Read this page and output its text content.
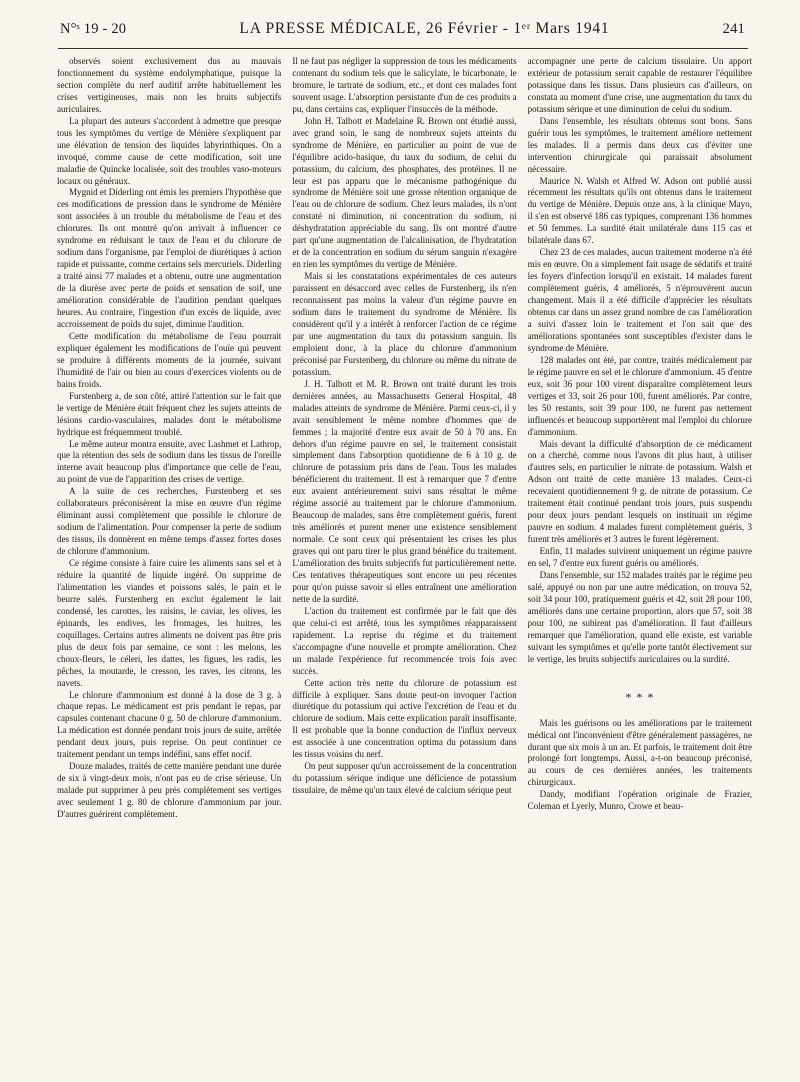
N°ˢ 19 - 20	LA PRESSE MÉDICALE, 26 Février - 1ᵉʳ Mars 1941	241

observés soient exclusivement dus au mauvais fonctionnement du système endolymphatique, puisque la section complète du nerf auditif arrête habituellement les crises vertigineuses, mais non les bruits subjectifs auriculaires.

La plupart des auteurs s'accordent à admettre que presque tous les symptômes du vertige de Ménière s'expliquent par une élévation de tension des liquides labyrinthiques. On a invoqué, comme cause de cette modification, soit une maladie de Quincke localisée, soit des troubles vaso-moteurs locaux ou généraux.

Mygnid et Diderling ont émis les premiers l'hypothèse que ces modifications de pression dans le syndrome de Ménière sont associées à un trouble du métabolisme de l'eau et des chlorures. Ils ont montré qu'on arrivait à influencer ce syndrome en réduisant le taux de l'eau et du chlorure de sodium dans l'organisme, par l'emploi de diurétiques à action rapide et puissante, comme certains sels mercuriels. Diderling a traité ainsi 77 malades et a obtenu, outre une augmentation de la diurèse avec perte de poids et sensation de soif, une amélioration considérable de l'audition pendant quelques heures. Au contraire, l'ingestion d'un excès de liquide, avec accroissement de poids du sujet, diminue l'audition.

Cette modification du métabolisme de l'eau pourrait expliquer également les modifications de l'ouïe qui peuvent se produire à différents moments de la journée, suivant l'humidité de l'air ou bien au cours d'exercices violents ou de bains froids.

Furstenberg a, de son côté, attiré l'attention sur le fait que le vertige de Ménière était fréquent chez les sujets atteints de lésions cardio-vasculaires, malades dont le métabolisme hydrique est fréquemment troublé.

Le même auteur montra ensuite, avec Lashmet et Lathrop, que la rétention des sels de sodium dans les tissus de l'oreille interne avait beaucoup plus d'importance que celle de l'eau, au point de vue de l'apparition des crises de vertige.

A la suite de ces recherches, Furstenberg et ses collaborateurs préconisèrent la mise en œuvre d'un régime éliminant aussi complètement que possible le chlorure de sodium de l'alimentation. Pour compenser la perte de sodium des tissus, ils donnèrent en même temps d'assez fortes doses de chlorure d'ammonium.

Ce régime consiste à faire cuire les aliments sans sel et à réduire la quantité de liquide ingéré. On supprime de l'alimentation les viandes et poissons salés, le pain et le beurre salés. Furstenberg en exclut également le lait condensé, les carottes, les raisins, le caviar, les olives, les épinards, les endives, les fromages, les huitres, les coquillages. Certains autres aliments ne doivent pas être pris plus de deux fois par semaine, ce sont : les melons, les choux-fleurs, le céleri, les dattes, les figues, les radis, les pêches, la moutarde, le cresson, les raves, les citrons, les navets.

Le chlorure d'ammonium est donné à la dose de 3 g. à chaque repas. Le médicament est pris pendant le repas, par capsules contenant chacune 0 g. 50 de chlorure d'ammonium. La médication est donnée pendant trois jours de suite, arrêtée pendant deux jours, puis reprise. On peut continuer ce traitement pendant un temps indéfini, sans effet nocif.

Douze malades, traités de cette manière pendant une durée de six à vingt-deux mois, n'ont pas eu de crise sérieuse. Un malade put supprimer à peu près complètement ses vertiges avec seulement 1 g. 80 de chlorure d'ammonium par jour. D'autres guérirent complètement.

Il ne faut pas négliger la suppression de tous les médicaments contenant du sodium tels que le salicylate, le bicarbonate, le bromure, le tartrate de sodium, etc., et dont ces malades font souvent usage. L'absorption persistante d'un de ces produits a pu, dans certains cas, expliquer l'insuccès de la méthode.

John H. Talbott et Madelaine R. Brown ont étudié aussi, avec grand soin, le sang de nombreux sujets atteints du syndrome de Ménière, en particulier au point de vue de l'équilibre acido-basique, du taux du sodium, de celui du potassium, du calcium, des phosphates, des protéines. Il ne leur est pas apparu que le mécanisme pathogénique du syndrome de Ménière soit une grosse rétention organique de l'eau ou de chlorure de sodium. Chez leurs malades, ils n'ont constaté ni diminution, ni concentration du sodium, ni déshydratation appréciable du sang. Ils ont montré d'autre part qu'une augmentation de l'alcalinisation, de l'hydratation et de la concentration en sodium du sérum sanguin n'exagère en rien les symptômes du vertige de Ménière.

Mais si les constatations expérimentales de ces auteurs paraissent en désaccord avec celles de Furstenberg, ils n'en reconnaissent pas moins la valeur d'un régime pauvre en sodium dans le traitement du syndrome de Ménière. Ils considèrent qu'il y a intérêt à renforcer l'action de ce régime par une augmentation du taux du potassium sanguin. Ils emploient donc, à la place du chlorure d'ammonium préconisé par Furstenberg, du chlorure ou même du nitrate de potassium.

J. H. Talbott et M. R. Brown ont traité durant les trois dernières années, au Massachusetts General Hospital, 48 malades atteints de syndrome de Ménière. Parmi ceux-ci, il y avait sensiblement le même nombre d'hommes que de femmes ; la majorité d'entre eux avait de 50 à 70 ans. En dehors d'un régime pauvre en sel, le traitement consistait simplement dans l'absorption quotidienne de 6 à 10 g. de chlorure de potassium pris dans de l'eau. Tous les malades bénéficierent du traitement. Il est à remarquer que 7 d'entre eux avaient antérieurement suivi sans résultat le même régime associé au traitement par le chlorure d'ammonium. Beaucoup de malades, sans être complètement guéris, furent très améliorés et purent mener une existence sensiblement normale. Ce sont ceux qui présentaient les crises les plus graves qui ont paru tirer le plus grand bénéfice du traitement. L'amélioration des bruits subjectifs fut particulièrement nette. Ces tentatives thérapeutiques sont encore un peu récentes pour qu'on puisse savoir si elles entraînent une amélioration nette de la surdité.

L'action du traitement est confirmée par le fait que dès que celui-ci est arrêté, tous les symptômes réapparaissent rapidement. La reprise du régime et du traitement s'accompagne d'une nouvelle et prompte amélioration. Chez un malade l'expérience fut recommencée trois fois avec succès.

Cette action très nette du chlorure de potassium est difficile à expliquer. Sans doute peut-on invoquer l'action diurétique du potassium qui active l'excrétion de l'eau et du chlorure de sodium. Mais cette explication paraît insuffisante. Il est probable que la bonne conduction de l'influx nerveux est associée à une concentration optima du potassium dans les tissus voisins du nerf.

On peut supposer qu'un accroissement de la concentration du potassium sérique indique une déficience de potassium tissulaire, de même qu'un taux élevé de calcium sérique peut

accompagner une perte de calcium tissulaire. Un apport extérieur de potassium serait capable de restaurer l'équilibre potassique dans les tissus. Dans plusieurs cas d'ailleurs, on constata au moment d'une crise, une augmentation du taux du potassium sérique et une diminution de celui du sodium.

Dans l'ensemble, les résultats obtenus sont bons. Sans guérir tous les symptômes, le traitement améliore nettement les malades. Il a permis dans deux cas d'éviter une intervention chirurgicale qui paraissait absolument nécessaire.

Maurice N. Walsh et Alfred W. Adson ont publié aussi récemment les résultats qu'ils ont obtenus dans le traitement du vertige de Ménière. Depuis onze ans, à la clinique Mayo, il s'en est observé 186 cas typiques, comprenant 136 hommes et 50 femmes. La surdité était unilatérale dans 115 cas et bilatérale dans 67.

Chez 23 de ces malades, aucun traitement moderne n'a été mis en œuvre. On a simplement fait usage de sédatifs et traité les foyers d'infection lorsqu'il en existait. 14 malades furent complètement guéris, 4 améliorés, 5 n'éprouvèrent aucun changement. Mais il a été difficile d'apprécier les résultats obtenus car dans un assez grand nombre de cas l'amélioration a suivi d'assez loin le traitement et l'on sait que des améliorations spontanées sont susceptibles d'exister dans le syndrome de Ménière.

128 malades ont été, par contre, traités médicalement par le régime pauvre en sel et le chlorure d'ammonium. 45 d'entre eux, soit 36 pour 100 virent disparaître complètement leurs vertiges et 33, soit 26 pour 100, furent améliorés. Par contre, les 50 restants, soit 39 pour 100, ne furent pas nettement influencés et beaucoup supportèrent mal l'emploi du chlorure d'ammonium.

Mais devant la difficulté d'absorption de ce médicament on a cherché, comme nous l'avons dit plus haut, à utiliser d'autres sels, en particulier le nitrate de potassium. Walsh et Adson ont traité de cette manière 13 malades. Ceux-ci recevaient quotidiennement 9 g. de nitrate de potassium. Ce traitement était continué pendant trois jours, puis suspendu pour deux jours pendant lesquels on instituait un régime pauvre en sodium. 4 malades furent complètement guéris, 3 furent très améliorés et 3 autres le furent légèrement.

Enfin, 11 malades suivirent uniquement un régime pauvre en sel, 7 d'entre eux furent guéris ou améliorés.

Dans l'ensemble, sur 152 malades traités par le régime peu salé, appuyé ou non par une autre médication, on trouva 52, soit 34 pour 100, pratiquement guéris et 42, soit 28 pour 100, améliorés dans une certaine proportion, alors que 57, soit 38 pour 100, ne subirent pas d'amélioration. Il faut d'ailleurs remarquer que l'amélioration, quand elle existe, est variable suivant les symptômes et qu'elle porte tantôt électivement sur le vertige, les bruits subjectifs auriculaires ou la surdité.

* * *

Mais les guérisons ou les améliorations par le traitement médical ont l'inconvénient d'être généralement passagères, ne durant que six mois à un an. Et parfois, le traitement doit être prolongé fort longtemps. Aussi, a-t-on beaucoup préconisé, au cours de ces dernières années, les traitements chirurgicaux.

Dandy, modifiant l'opération originale de Frazier, Coleman et Lyerly, Munro, Crowe et beau-
